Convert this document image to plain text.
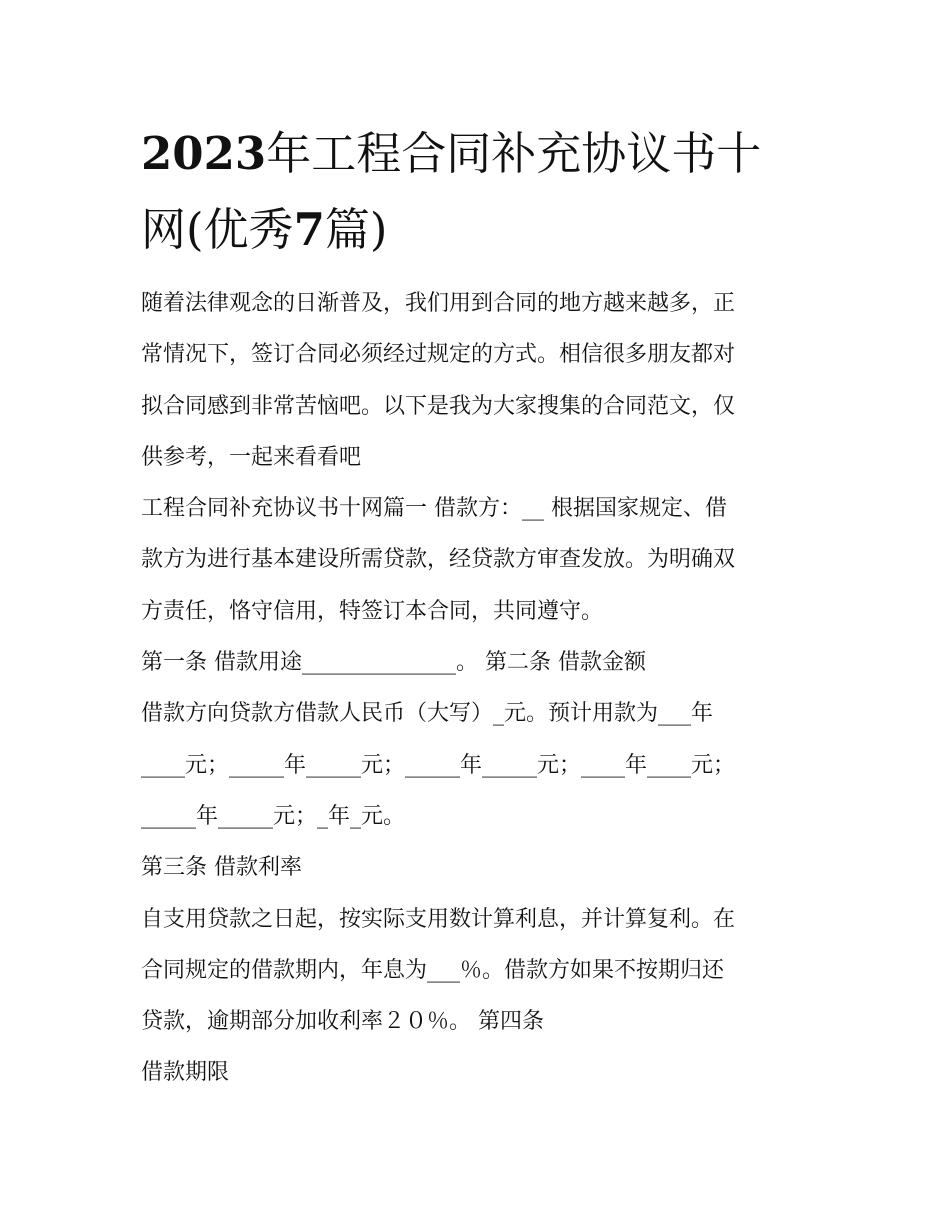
2023年工程合同补充协议书十
网(优秀7篇)
随着法律观念的日渐普及，我们用到合同的地方越来越多，正
常情况下，签订合同必须经过规定的方式。相信很多朋友都对
拟合同感到非常苦恼吧。以下是我为大家搜集的合同范文，仅
供参考，一起来看看吧
工程合同补充协议书十网篇一 借款方：__ 根据国家规定、借
款方为进行基本建设所需贷款，经贷款方审查发放。为明确双
方责任，恪守信用，特签订本合同，共同遵守。
第一条 借款用途______________。 第二条 借款金额
借款方向贷款方借款人民币（大写）_元。预计用款为___年
____元；_____年_____元；_____年_____元；____年____元；
_____年_____元；_年_元。
第三条 借款利率
自支用贷款之日起，按实际支用数计算利息，并计算复利。在
合同规定的借款期内，年息为___％。借款方如果不按期归还
贷款，逾期部分加收利率２０％。 第四条
借款期限
